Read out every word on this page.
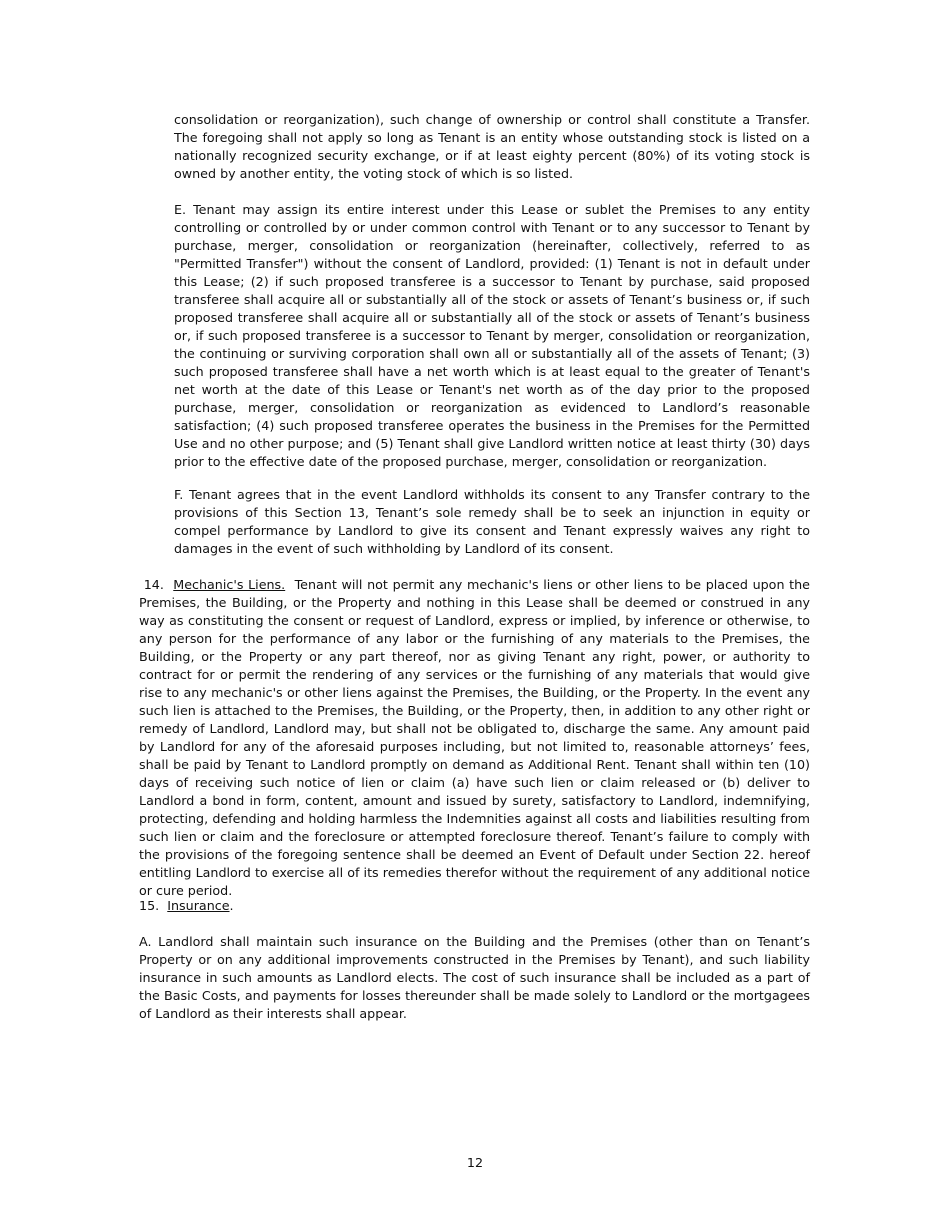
consolidation or reorganization), such change of ownership or control shall constitute a Transfer. The foregoing shall not apply so long as Tenant is an entity whose outstanding stock is listed on a nationally recognized security exchange, or if at least eighty percent (80%) of its voting stock is owned by another entity, the voting stock of which is so listed.

E. Tenant may assign its entire interest under this Lease or sublet the Premises to any entity controlling or controlled by or under common control with Tenant or to any successor to Tenant by purchase, merger, consolidation or reorganization (hereinafter, collectively, referred to as "Permitted Transfer") without the consent of Landlord, provided: (1) Tenant is not in default under this Lease; (2) if such proposed transferee is a successor to Tenant by purchase, said proposed transferee shall acquire all or substantially all of the stock or assets of Tenant’s business or, if such proposed transferee shall acquire all or substantially all of the stock or assets of Tenant’s business or, if such proposed transferee is a successor to Tenant by merger, consolidation or reorganization, the continuing or surviving corporation shall own all or substantially all of the assets of Tenant; (3) such proposed transferee shall have a net worth which is at least equal to the greater of Tenant's net worth at the date of this Lease or Tenant's net worth as of the day prior to the proposed purchase, merger, consolidation or reorganization as evidenced to Landlord’s reasonable satisfaction; (4) such proposed transferee operates the business in the Premises for the Permitted Use and no other purpose; and (5) Tenant shall give Landlord written notice at least thirty (30) days prior to the effective date of the proposed purchase, merger, consolidation or reorganization.

F. Tenant agrees that in the event Landlord withholds its consent to any Transfer contrary to the provisions of this Section 13, Tenant’s sole remedy shall be to seek an injunction in equity or compel performance by Landlord to give its consent and Tenant expressly waives any right to damages in the event of such withholding by Landlord of its consent.

14. Mechanic's Liens. Tenant will not permit any mechanic's liens or other liens to be placed upon the Premises, the Building, or the Property and nothing in this Lease shall be deemed or construed in any way as constituting the consent or request of Landlord, express or implied, by inference or otherwise, to any person for the performance of any labor or the furnishing of any materials to the Premises, the Building, or the Property or any part thereof, nor as giving Tenant any right, power, or authority to contract for or permit the rendering of any services or the furnishing of any materials that would give rise to any mechanic's or other liens against the Premises, the Building, or the Property. In the event any such lien is attached to the Premises, the Building, or the Property, then, in addition to any other right or remedy of Landlord, Landlord may, but shall not be obligated to, discharge the same. Any amount paid by Landlord for any of the aforesaid purposes including, but not limited to, reasonable attorneys’ fees, shall be paid by Tenant to Landlord promptly on demand as Additional Rent. Tenant shall within ten (10) days of receiving such notice of lien or claim (a) have such lien or claim released or (b) deliver to Landlord a bond in form, content, amount and issued by surety, satisfactory to Landlord, indemnifying, protecting, defending and holding harmless the Indemnities against all costs and liabilities resulting from such lien or claim and the foreclosure or attempted foreclosure thereof. Tenant’s failure to comply with the provisions of the foregoing sentence shall be deemed an Event of Default under Section 22. hereof entitling Landlord to exercise all of its remedies therefor without the requirement of any additional notice or cure period.

15. Insurance.

A. Landlord shall maintain such insurance on the Building and the Premises (other than on Tenant’s Property or on any additional improvements constructed in the Premises by Tenant), and such liability insurance in such amounts as Landlord elects. The cost of such insurance shall be included as a part of the Basic Costs, and payments for losses thereunder shall be made solely to Landlord or the mortgagees of Landlord as their interests shall appear.

12
